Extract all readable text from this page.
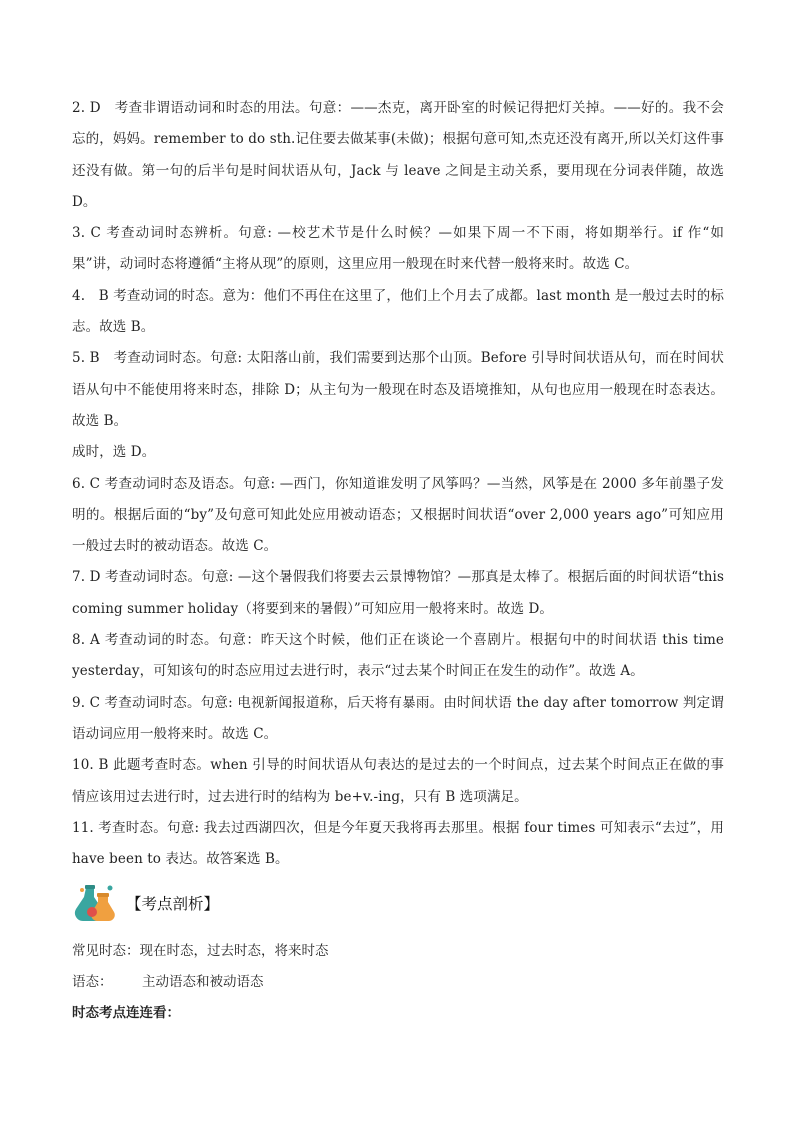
2. D　考查非谓语动词和时态的用法。句意：——杰克，离开卧室的时候记得把灯关掉。——好的。我不会忘的，妈妈。remember to do sth.记住要去做某事(未做)；根据句意可知,杰克还没有离开,所以关灯这件事还没有做。第一句的后半句是时间状语从句，Jack 与 leave 之间是主动关系，要用现在分词表伴随，故选 D。

3. C 考查动词时态辨析。句意: —校艺术节是什么时候？—如果下周一不下雨，将如期举行。if 作“如果”讲，动词时态将遵循“主将从现”的原则，这里应用一般现在时来代替一般将来时。故选 C。

4.　B 考查动词的时态。意为：他们不再住在这里了，他们上个月去了成都。last month 是一般过去时的标志。故选 B。

5. B　考查动词时态。句意: 太阳落山前，我们需要到达那个山顶。Before 引导时间状语从句，而在时间状语从句中不能使用将来时态，排除 D；从主句为一般现在时态及语境推知，从句也应用一般现在时态表达。故选 B。

成时，选 D。

6. C 考查动词时态及语态。句意: —西门，你知道谁发明了风筝吗？—当然，风筝是在 2000 多年前墨子发明的。根据后面的“by”及句意可知此处应用被动语态；又根据时间状语“over 2,000 years ago”可知应用一般过去时的被动语态。故选 C。

7. D 考查动词时态。句意: —这个暑假我们将要去云景博物馆？—那真是太棒了。根据后面的时间状语“this coming summer holiday（将要到来的暑假）”可知应用一般将来时。故选 D。

8. A 考查动词的时态。句意：昨天这个时候，他们正在谈论一个喜剧片。根据句中的时间状语 this time yesterday，可知该句的时态应用过去进行时，表示“过去某个时间正在发生的动作”。故选 A。

9. C 考查动词时态。句意: 电视新闻报道称，后天将有暴雨。由时间状语 the day after tomorrow 判定谓语动词应用一般将来时。故选 C。

10. B 此题考查时态。when 引导的时间状语从句表达的是过去的一个时间点，过去某个时间点正在做的事情应该用过去进行时，过去进行时的结构为 be+v.-ing，只有 B 选项满足。

11. 考查时态。句意: 我去过西湖四次，但是今年夏天我将再去那里。根据 four times 可知表示“去过”，用 have been to 表达。故答案选 B。

【考点剖析】

常见时态：现在时态，过去时态，将来时态

语态： 主动语态和被动语态

时态考点连连看：
